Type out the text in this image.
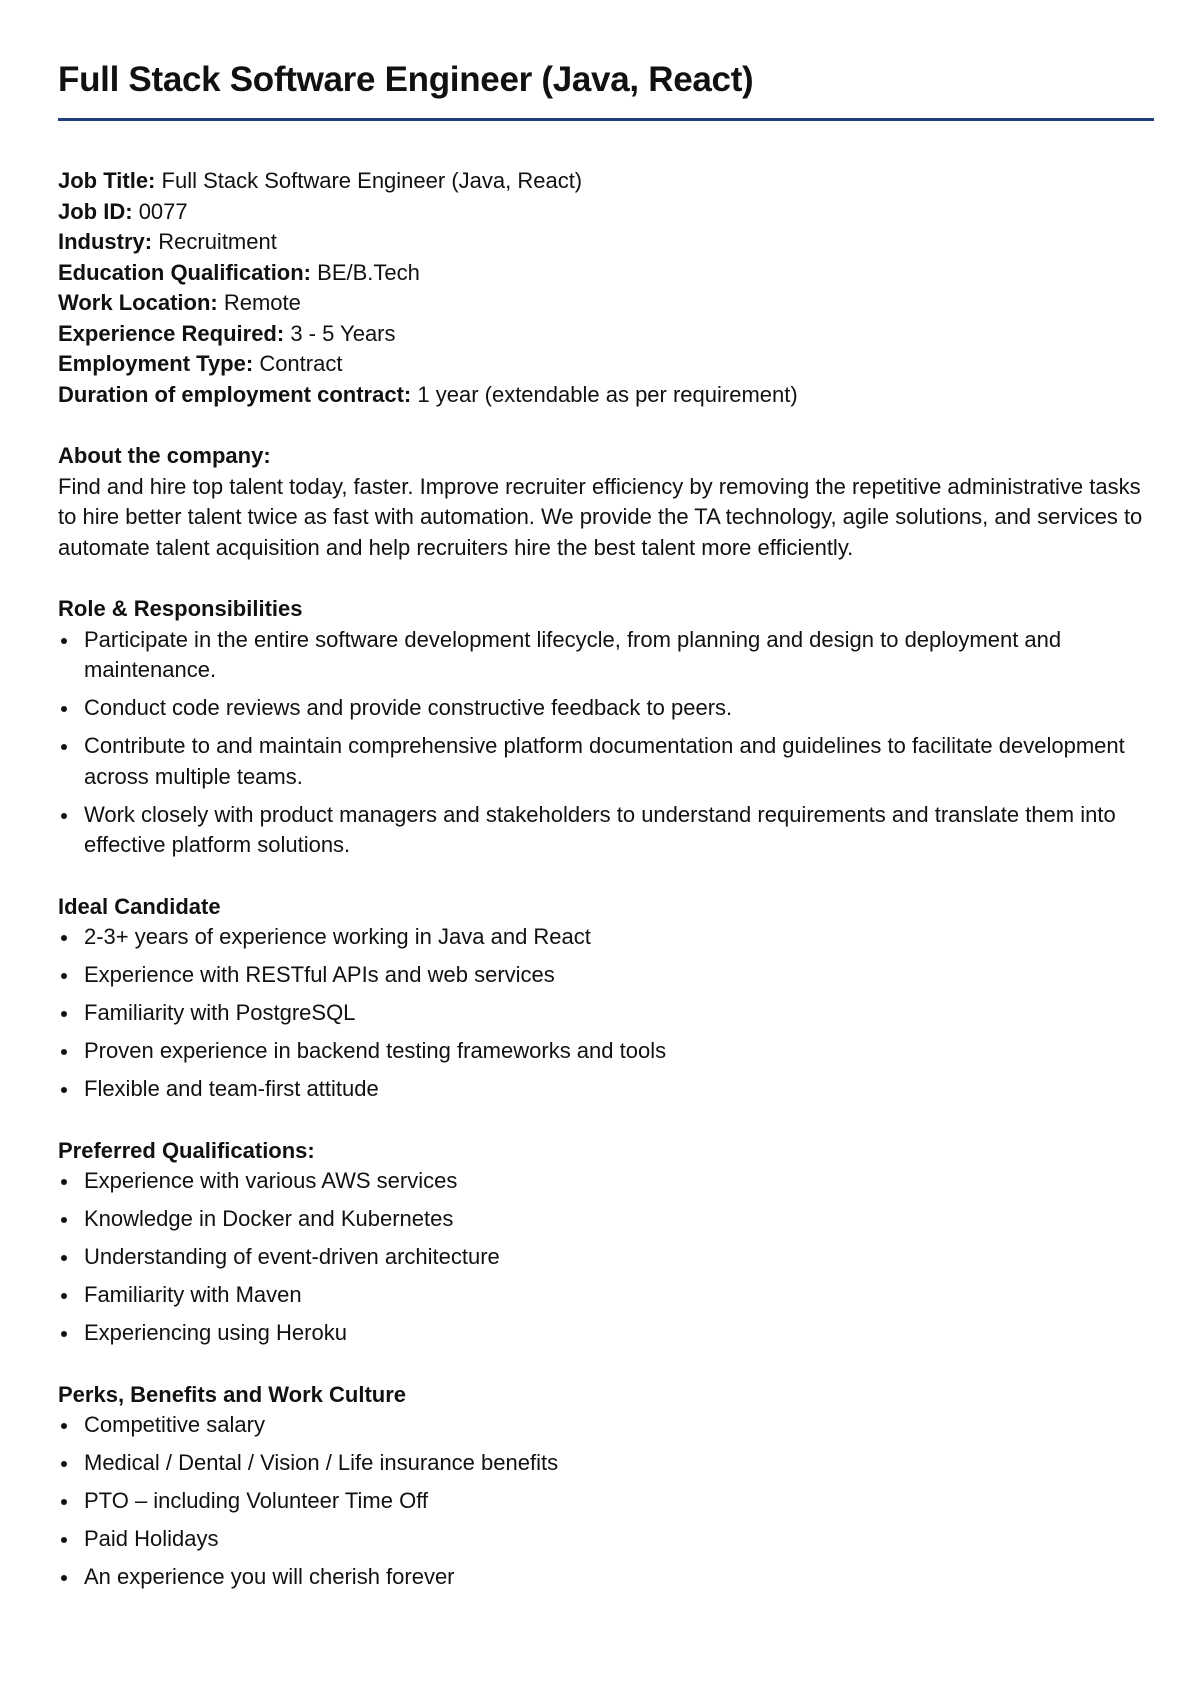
Full Stack Software Engineer (Java, React)
Job Title: Full Stack Software Engineer (Java, React)
Job ID: 0077
Industry: Recruitment
Education Qualification: BE/B.Tech
Work Location: Remote
Experience Required: 3 - 5 Years
Employment Type: Contract
Duration of employment contract: 1 year (extendable as per requirement)
About the company:
Find and hire top talent today, faster. Improve recruiter efficiency by removing the repetitive administrative tasks to hire better talent twice as fast with automation. We provide the TA technology, agile solutions, and services to automate talent acquisition and help recruiters hire the best talent more efficiently.
Role & Responsibilities
Participate in the entire software development lifecycle, from planning and design to deployment and maintenance.
Conduct code reviews and provide constructive feedback to peers.
Contribute to and maintain comprehensive platform documentation and guidelines to facilitate development across multiple teams.
Work closely with product managers and stakeholders to understand requirements and translate them into effective platform solutions.
Ideal Candidate
2-3+ years of experience working in Java and React
Experience with RESTful APIs and web services
Familiarity with PostgreSQL
Proven experience in backend testing frameworks and tools
Flexible and team-first attitude
Preferred Qualifications:
Experience with various AWS services
Knowledge in Docker and Kubernetes
Understanding of event-driven architecture
Familiarity with Maven
Experiencing using Heroku
Perks, Benefits and Work Culture
Competitive salary
Medical / Dental / Vision / Life insurance benefits
PTO – including Volunteer Time Off
Paid Holidays
An experience you will cherish forever
